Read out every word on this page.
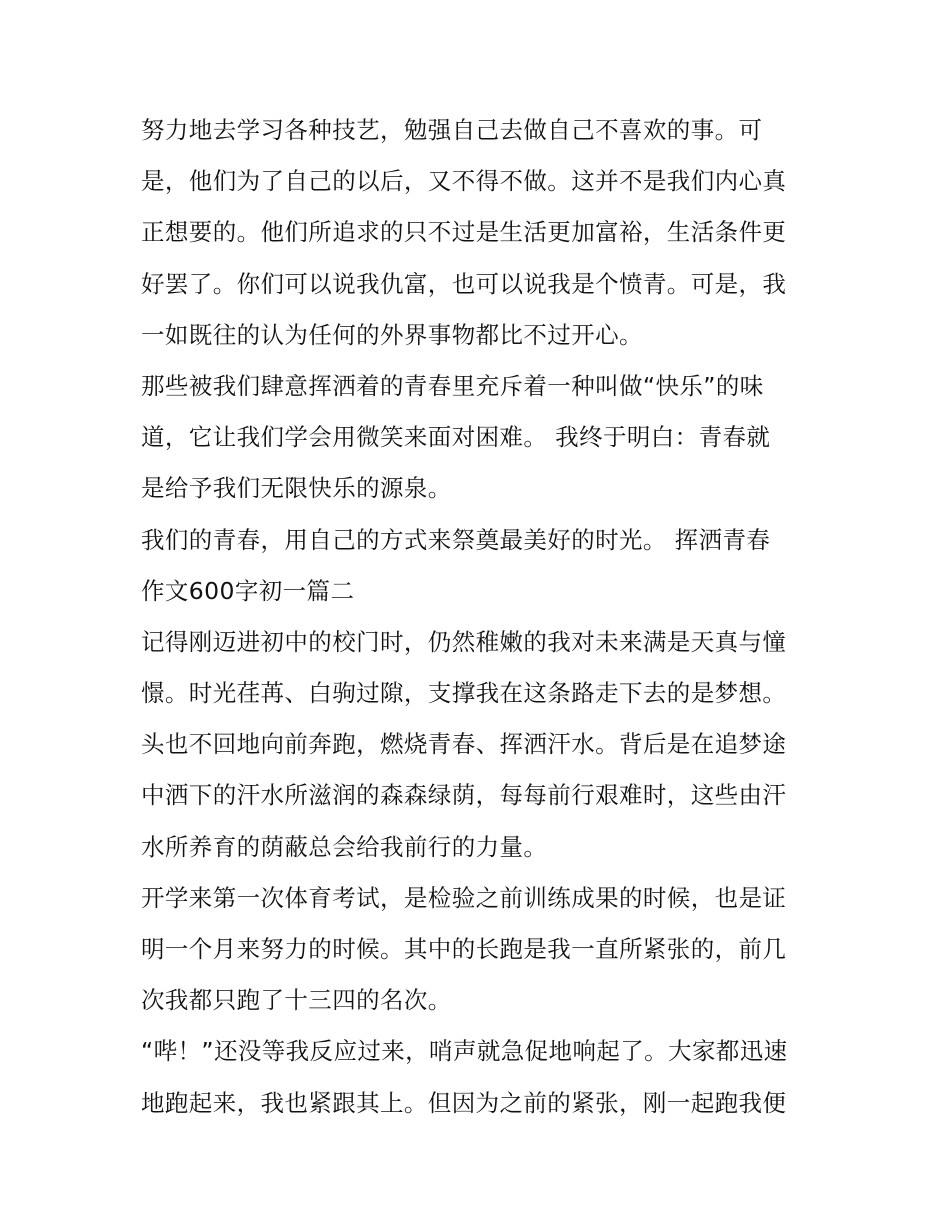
努力地去学习各种技艺，勉强自己去做自己不喜欢的事。可
是，他们为了自己的以后，又不得不做。这并不是我们内心真
正想要的。他们所追求的只不过是生活更加富裕，生活条件更
好罢了。你们可以说我仇富，也可以说我是个愤青。可是，我
一如既往的认为任何的外界事物都比不过开心。
那些被我们肆意挥洒着的青春里充斥着一种叫做“快乐”的味
道，它让我们学会用微笑来面对困难。 我终于明白：青春就
是给予我们无限快乐的源泉。
我们的青春，用自己的方式来祭奠最美好的时光。 挥洒青春
作文600字初一篇二
记得刚迈进初中的校门时，仍然稚嫩的我对未来满是天真与憧
憬。时光荏苒、白驹过隙，支撑我在这条路走下去的是梦想。
头也不回地向前奔跑，燃烧青春、挥洒汗水。背后是在追梦途
中洒下的汗水所滋润的森森绿荫，每每前行艰难时，这些由汗
水所养育的荫蔽总会给我前行的力量。
开学来第一次体育考试，是检验之前训练成果的时候，也是证
明一个月来努力的时候。其中的长跑是我一直所紧张的，前几
次我都只跑了十三四的名次。
“哔！”还没等我反应过来，哨声就急促地响起了。大家都迅速
地跑起来，我也紧跟其上。但因为之前的紧张，刚一起跑我便
